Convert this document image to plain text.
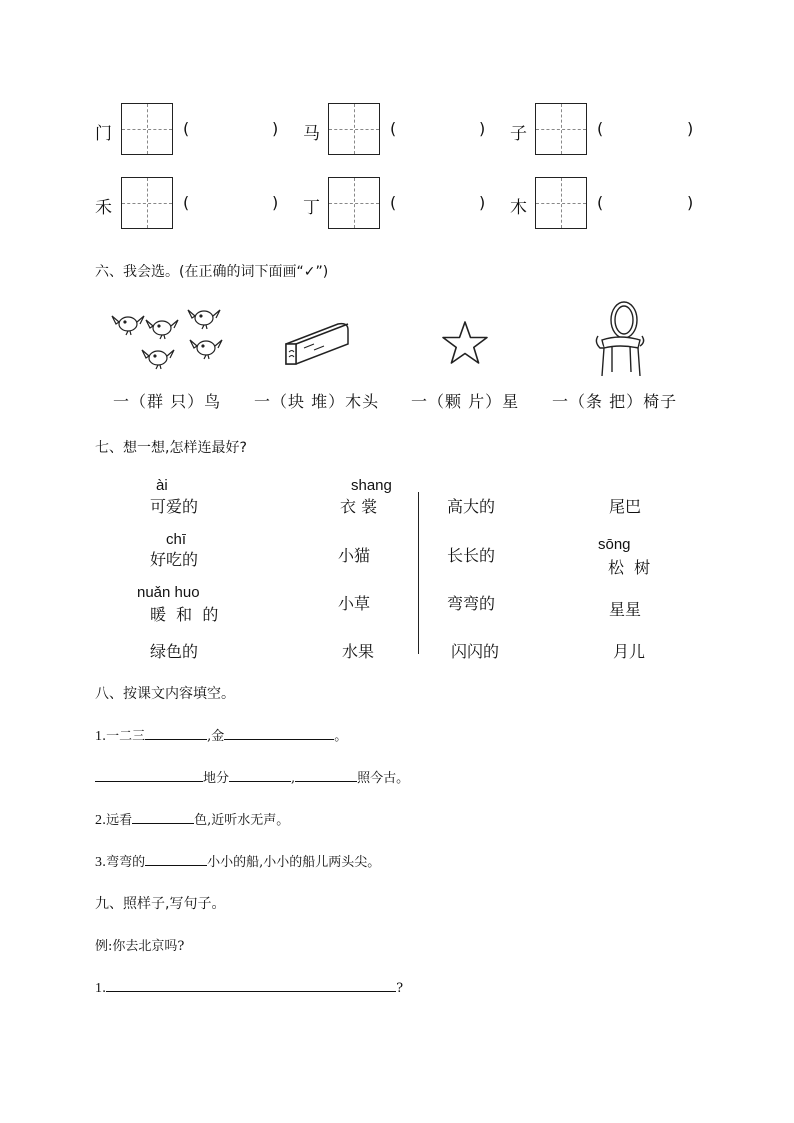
门	(	) 马	(	) 子	(	)
禾	(	) 丁	(	) 木	(	)
六、我会选。(在正确的词下面画“✓”)
一（群 只）鸟 一（块 堆）木头 一（颗 片）星 一（条 把）椅子
七、想一想,怎样连最好?
ài
可爱的
chī
好吃的
nuǎn huo
暖  和  的
绿色的
shang
衣 裳
小猫
小草
水果
高大的
长长的
弯弯的
闪闪的
尾巴
sōng
松  树
星星
月儿
八、按课文内容填空。
1.一二三	,金	。
地分	,	照今古。
2.远看	色,近听水无声。
3.弯弯的	小小的船,小小的船儿两头尖。
九、照样子,写句子。
例:你去北京吗?
1.	?
